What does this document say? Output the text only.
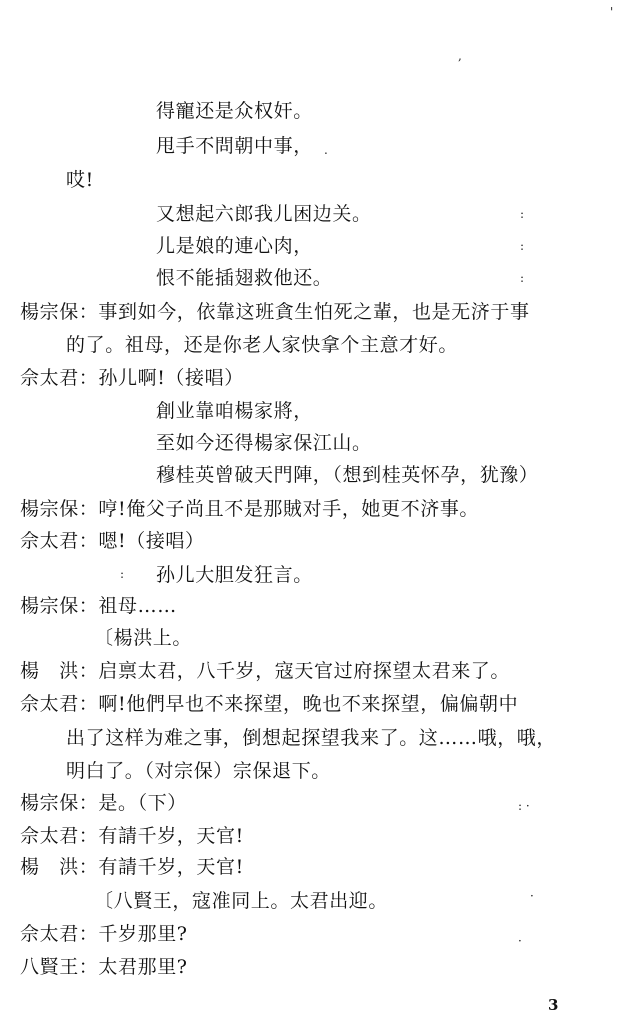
得寵还是众权奸。
甩手不問朝中事，
哎!
又想起六郎我儿困边关。
儿是娘的連心肉，
恨不能插翅救他还。
楊宗保：事到如今，依靠这班貪生怕死之輩，也是无济于事
的了。祖母，还是你老人家快拿个主意才好。
佘太君：孙儿啊!（接唱）
創业靠咱楊家將，
至如今还得楊家保江山。
穆桂英曾破天門陣，（想到桂英怀孕，犹豫）
楊宗保：哼!俺父子尚且不是那賊对手，她更不济事。
佘太君：嗯!（接唱）
孙儿大胆发狂言。
楊宗保：祖母……
〔楊洪上。
楊　洪：启禀太君，八千岁，寇天官过府探望太君来了。
佘太君：啊!他們早也不来探望，晚也不来探望，偏偏朝中
出了这样为难之事，倒想起探望我来了。这……哦，哦，
明白了。（对宗保）宗保退下。
楊宗保：是。（下）
佘太君：有請千岁，天官!
楊　洪：有請千岁，天官!
〔八賢王，寇准同上。太君出迎。
佘太君：千岁那里?
八賢王：太君那里?
'
,
.
:
:
:
:
: ·
·
·
3
